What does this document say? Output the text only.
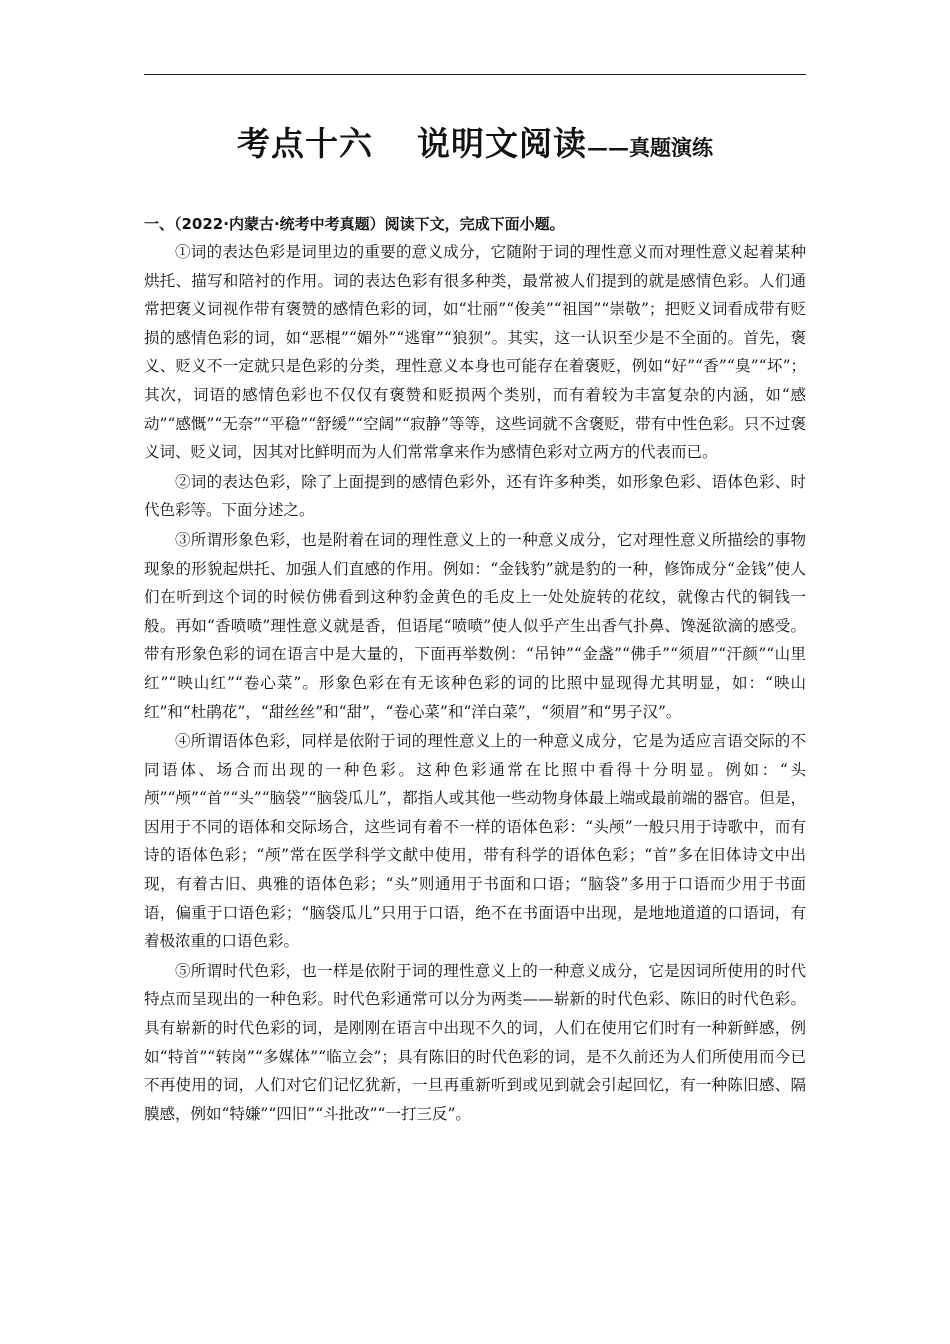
考点十六 说明文阅读——真题演练

一、（2022·内蒙古·统考中考真题）阅读下文，完成下面小题。

①词的表达色彩是词里边的重要的意义成分，它随附于词的理性意义而对理性意义起着某种烘托、描写和陪衬的作用。词的表达色彩有很多种类，最常被人们提到的就是感情色彩。人们通常把褒义词视作带有褒赞的感情色彩的词，如“壮丽”“俊美”“祖国”“崇敬”；把贬义词看成带有贬损的感情色彩的词，如“恶棍”“媚外”“逃窜”“狼狈”。其实，这一认识至少是不全面的。首先，褒义、贬义不一定就只是色彩的分类，理性意义本身也可能存在着褒贬，例如“好”“香”“臭”“坏”；其次，词语的感情色彩也不仅仅有褒赞和贬损两个类别，而有着较为丰富复杂的内涵，如“感动”“感慨”“无奈”“平稳”“舒缓”“空阔”“寂静”等等，这些词就不含褒贬，带有中性色彩。只不过褒义词、贬义词，因其对比鲜明而为人们常常拿来作为感情色彩对立两方的代表而已。

②词的表达色彩，除了上面提到的感情色彩外，还有许多种类，如形象色彩、语体色彩、时代色彩等。下面分述之。

③所谓形象色彩，也是附着在词的理性意义上的一种意义成分，它对理性意义所描绘的事物现象的形貌起烘托、加强人们直感的作用。例如：“金钱豹”就是豹的一种，修饰成分“金钱”使人们在听到这个词的时候仿佛看到这种豹金黄色的毛皮上一处处旋转的花纹，就像古代的铜钱一般。再如“香喷喷”理性意义就是香，但语尾“喷喷”使人似乎产生出香气扑鼻、馋涎欲滴的感受。带有形象色彩的词在语言中是大量的，下面再举数例：“吊钟”“金盏”“佛手”“须眉”“汗颜”“山里红”“映山红”“卷心菜”。形象色彩在有无该种色彩的词的比照中显现得尤其明显，如：“映山红”和“杜鹃花”，“甜丝丝”和“甜”，“卷心菜”和“洋白菜”，“须眉”和“男子汉”。

④所谓语体色彩，同样是依附于词的理性意义上的一种意义成分，它是为适应言语交际的不同语体、场合而出现的一种色彩。这种色彩通常在比照中看得十分明显。例如：“头颅”“颅”“首”“头”“脑袋”“脑袋瓜儿”，都指人或其他一些动物身体最上端或最前端的器官。但是，因用于不同的语体和交际场合，这些词有着不一样的语体色彩：“头颅”一般只用于诗歌中，而有诗的语体色彩；“颅”常在医学科学文献中使用，带有科学的语体色彩；“首”多在旧体诗文中出现，有着古旧、典雅的语体色彩；“头”则通用于书面和口语；“脑袋”多用于口语而少用于书面语，偏重于口语色彩；“脑袋瓜儿”只用于口语，绝不在书面语中出现，是地地道道的口语词，有着极浓重的口语色彩。

⑤所谓时代色彩，也一样是依附于词的理性意义上的一种意义成分，它是因词所使用的时代特点而呈现出的一种色彩。时代色彩通常可以分为两类——崭新的时代色彩、陈旧的时代色彩。具有崭新的时代色彩的词，是刚刚在语言中出现不久的词，人们在使用它们时有一种新鲜感，例如“特首”“转岗”“多媒体”“临立会”；具有陈旧的时代色彩的词，是不久前还为人们所使用而今已不再使用的词，人们对它们记忆犹新，一旦再重新听到或见到就会引起回忆，有一种陈旧感、隔膜感，例如“特嫌”“四旧”“斗批改”“一打三反”。
